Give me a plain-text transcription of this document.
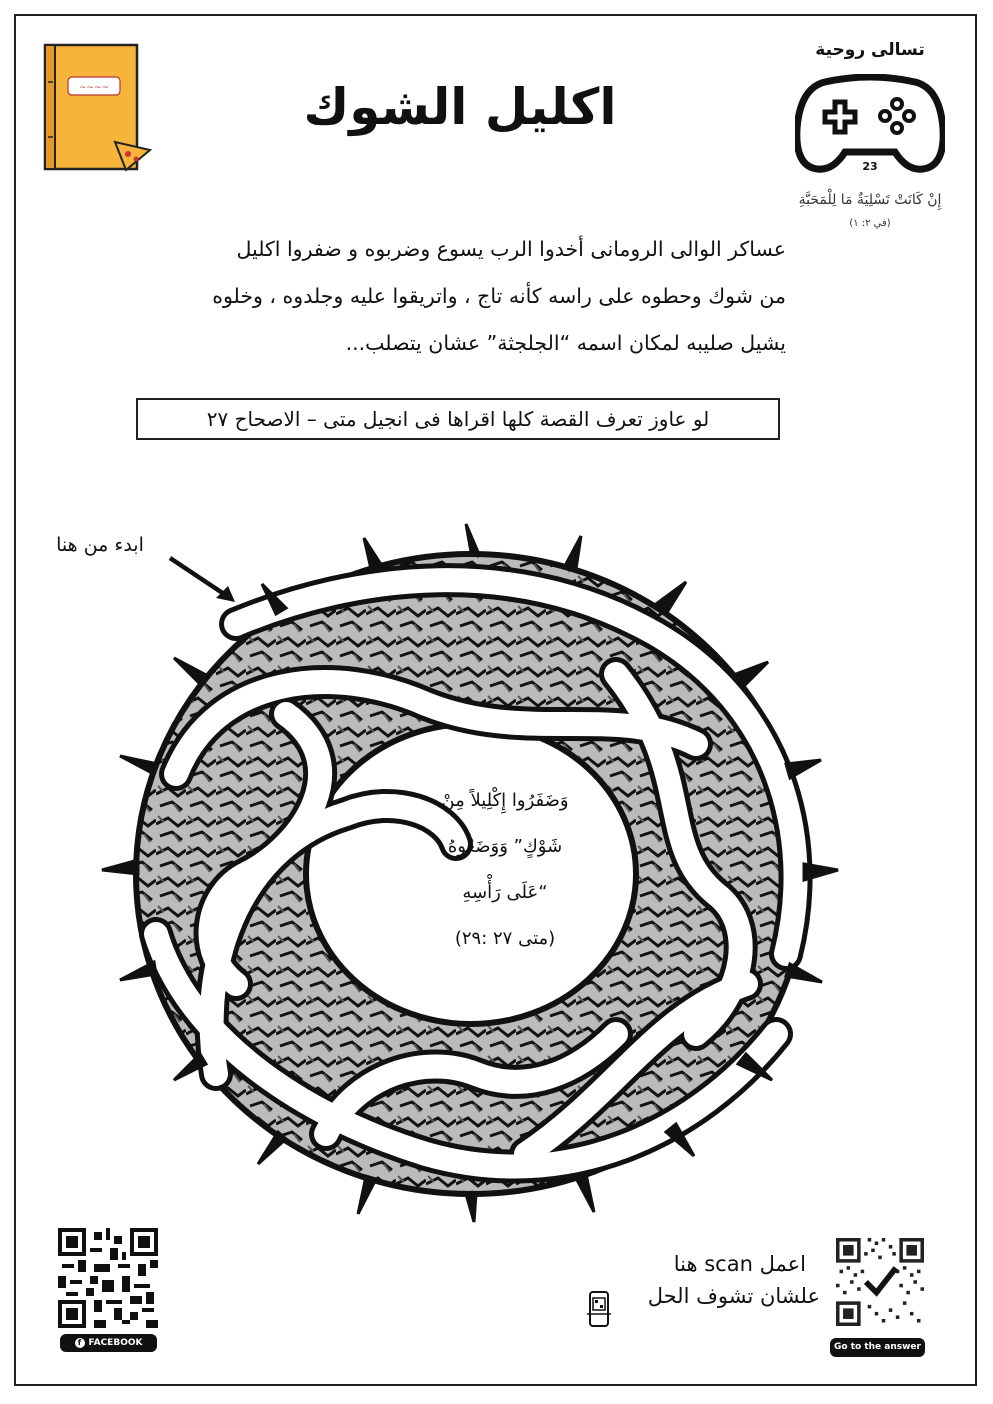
~~~~	اكليل الشوك
تسالى روحية
23
إِنْ كَانَتْ تَسْلِيَةٌ مَا لِلْمَحَبَّةِ
(في ٢: ١)
عساكر الوالى الرومانى أخدوا الرب يسوع وضربوه و ضفروا اكليل
من شوك وحطوه على راسه كأنه تاج ، واتريقوا عليه وجلدوه ، وخلوه
يشيل صليبه لمكان اسمه “الجلجثة” عشان يتصلب...
لو عاوز تعرف القصة كلها اقراها فى انجيل متى – الاصحاح ٢٧
ابدء من هنا
وَضَفَرُوا إِكْلِيلاً مِنْ
شَوْكٍ” وَوَضَعُوهُ
“عَلَى رَأْسِهِ
(متى ٢٧ :٢٩)
f FACEBOOK
اعمل scan هنا
علشان تشوف الحل
Go to the answer
